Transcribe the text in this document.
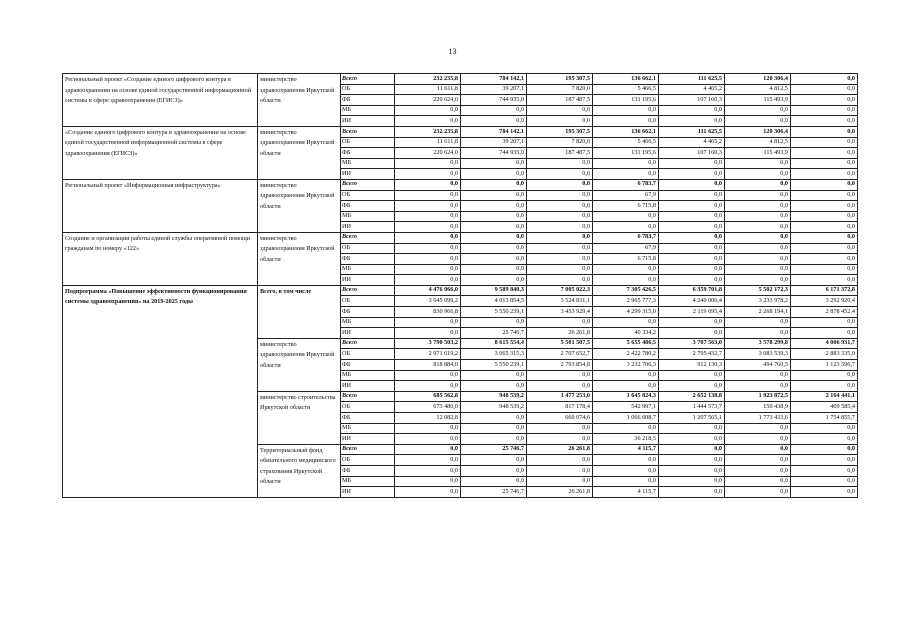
13
Региональный проект «Создание единого цифрового контура в здравоохранении на основе единой государственной информационной системы в сфере здравоохранения (ЕГИСЗ)»	министерство здравоохранения Иркутской области	Всего	232 235,8	784 142,1	195 307,5	136 662,1	111 625,5	120 306,4	0,0
		ОБ	11 611,8	39 207,1	7 820,0	5 466,5	4 465,2	4 812,5	0,0
		ФБ	220 624,0	744 935,0	187 487,5	131 195,6	107 160,3	115 493,9	0,0
		МБ	0,0	0,0	0,0	0,0	0,0	0,0	0,0
		ИИ	0,0	0,0	0,0	0,0	0,0	0,0	0,0
«Создание единого цифрового контура в здравоохранении на основе единой государственной информационной системы в сфере здравоохранения (ЕГИСЗ)»	министерство здравоохранения Иркутской области	Всего	232 235,8	784 142,1	195 307,5	136 662,1	111 625,5	120 306,4	0,0
		ОБ	11 611,8	39 207,1	7 820,0	5 466,5	4 465,2	4 812,5	0,0
		ФБ	220 624,0	744 935,0	187 487,5	131 195,6	107 160,3	115 493,9	0,0
		МБ	0,0	0,0	0,0	0,0	0,0	0,0	0,0
		ИИ	0,0	0,0	0,0	0,0	0,0	0,0	0,0
Региональный проект «Информационная инфраструктура»	министерство здравоохранения Иркутской области	Всего	0,0	0,0	0,0	6 783,7	0,0	0,0	0,0
		ОБ	0,0	0,0	0,0	67,9	0,0	0,0	0,0
		ФБ	0,0	0,0	0,0	6 715,8	0,0	0,0	0,0
		МБ	0,0	0,0	0,0	0,0	0,0	0,0	0,0
		ИИ	0,0	0,0	0,0	0,0	0,0	0,0	0,0
Создание и организации работы единой службы оперативной помощи гражданам по номеру «122»	министерство здравоохранения Иркутской области	Всего	0,0	0,0	0,0	6 783,7	0,0	0,0	0,0
		ОБ	0,0	0,0	0,0	67,9	0,0	0,0	0,0
		ФБ	0,0	0,0	0,0	6 715,8	0,0	0,0	0,0
		МБ	0,0	0,0	0,0	0,0	0,0	0,0	0,0
		ИИ	0,0	0,0	0,0	0,0	0,0	0,0	0,0
Подпрограмма «Повышение эффективности функционирования системы здравоохранения» на 2019-2025 годы	Всего, в том числе	Всего	4 476 066,0	9 589 840,3	7 005 022,3	7 305 426,5	6 359 701,8	5 502 172,3	6 171 372,8
		ОБ	3 645 099,2	4 013 854,5	3 524 831,1	2 965 777,3	4 240 006,4	3 233 978,2	3 292 920,4
		ФБ	830 966,8	5 550 239,1	3 453 929,4	4 299 315,0	2 119 695,4	2 268 194,1	2 878 452,4
		МБ	0,0	0,0	0,0	0,0	0,0	0,0	0,0
		ИИ	0,0	25 746,7	26 261,8	40 334,2	0,0	0,0	0,0
	министерство здравоохранения Иркутской области	Всего	3 790 503,2	8 615 554,4	5 501 507,5	5 655 486,5	3 707 563,0	3 578 299,8	4 006 931,7
		ОБ	2 971 619,2	3 065 315,3	2 707 652,7	2 422 780,2	2 795 432,7	3 083 539,3	2 883 335,0
		ФБ	818 884,0	5 550 239,1	2 793 854,8	3 232 706,3	912 130,3	494 760,5	1 123 596,7
		МБ	0,0	0,0	0,0	0,0	0,0	0,0	0,0
		ИИ	0,0	0,0	0,0	0,0	0,0	0,0	0,0
	министерство строительства Иркутской области	Всего	685 562,8	948 539,2	1 477 253,0	1 645 824,3	2 652 138,8	1 923 872,5	2 164 441,1
		ОБ	673 480,0	948 539,2	817 178,4	542 997,1	1 444 573,7	150 438,9	409 585,4
		ФБ	12 082,8	0,0	660 074,6	1 066 608,7	1 207 565,1	1 773 433,6	1 754 855,7
		МБ	0,0	0,0	0,0	0,0	0,0	0,0	0,0
		ИИ	0,0	0,0	0,0	36 218,5	0,0	0,0	0,0
	Территориальный фонд обязательного медицинского страхования Иркутской области	Всего	0,0	25 746,7	26 261,8	4 115,7	0,0	0,0	0,0
		ОБ	0,0	0,0	0,0	0,0	0,0	0,0	0,0
		ФБ	0,0	0,0	0,0	0,0	0,0	0,0	0,0
		МБ	0,0	0,0	0,0	0,0	0,0	0,0	0,0
		ИИ	0,0	25 746,7	26 261,8	4 115,7	0,0	0,0	0,0
